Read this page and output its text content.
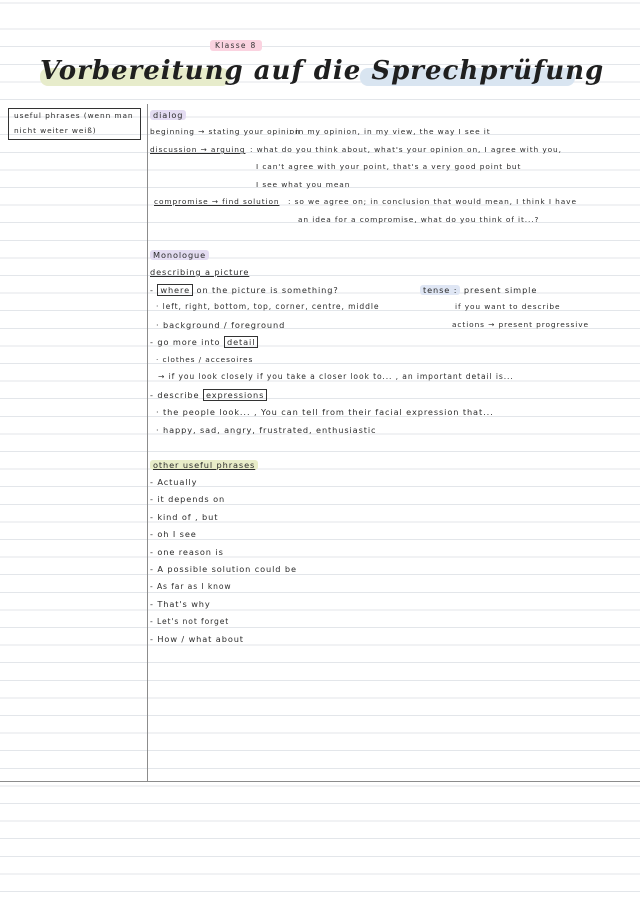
Klasse 8
Vorbereitung auf die Sprechprüfung
useful phrases (wenn man
nicht weiter weiß)
dialog
beginning → stating your opinion
: in my opinion, in my view, the way I see it
discussion → arguing : what do you think about, what's your opinion on, I agree with you,
I can't agree with your point, that's a very good point but
I see what you mean
compromise → find solution : so we agree on; in conclusion that would mean, I think I have
an idea for a compromise, what do you think of it...?
Monologue
describing a picture
- where on the picture is something?	tense : present simple
· left, right, bottom, top, corner, centre, middle	if you want to describe
· background / foreground	actions → present progressive
- go more into detail
· clothes / accesoires
→ if you look closely if you take a closer look to... , an important detail is...
- describe expressions
· the people look... , You can tell from their facial expression that...
· happy, sad, angry, frustrated, enthusiastic
other useful phrases
- Actually
- it depends on
- kind of , but
- oh I see
- one reason is
- A possible solution could be
- As far as I know
- That's why
- Let's not forget
- How / what about
